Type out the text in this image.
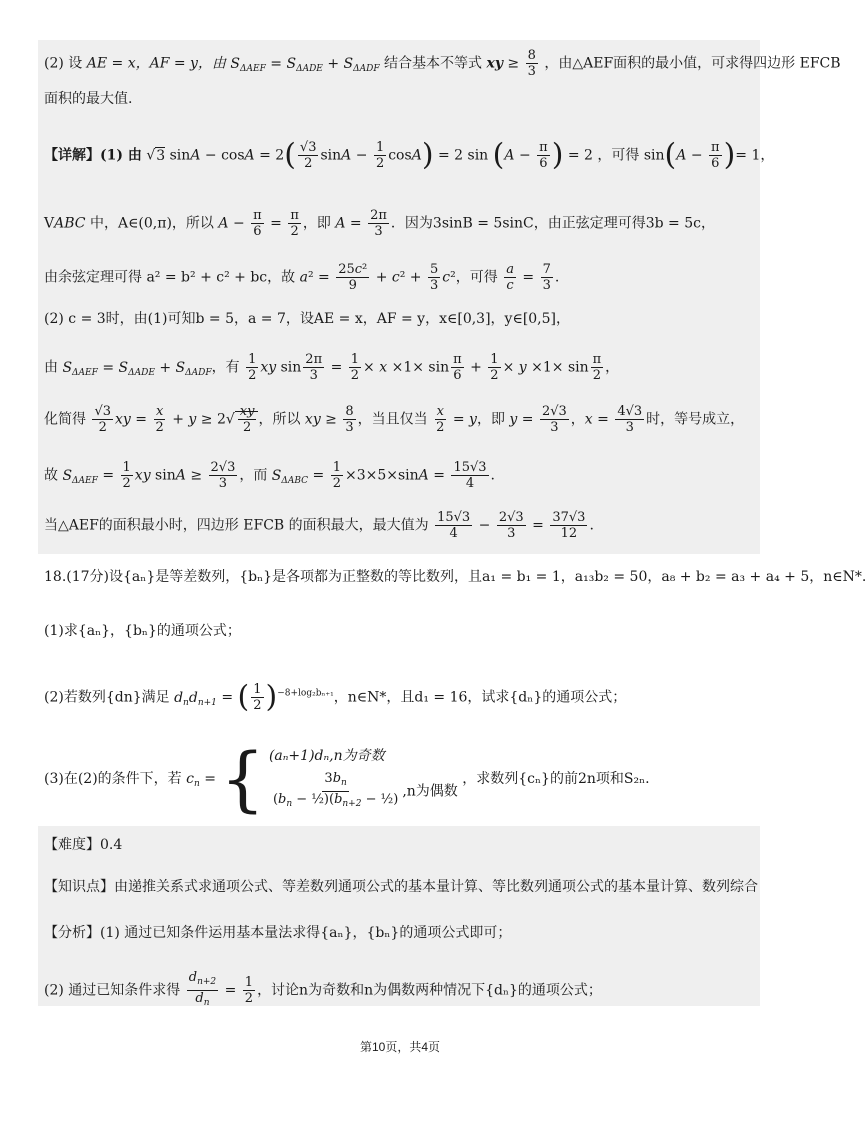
(2) 设 AE = x，AF = y，由 $S_{\Delta AEF} = S_{\Delta ADE} + S_{\Delta ADF}$ 结合基本不等式 xy ≥ $\frac{8}{3}$ ，由△AEF面积的最小值，可求得四边形 EFCB
面积的最大值.
【详解】(1) 由 √3 $\sin A - \cos A = 2( \frac{√3}{2}$ $\sin A - \frac{1}{2} \cos A) = 2$ $\sin (A - \frac{\pi}{6}$ ) = 2 ，可得 $\sin(A - \frac{\pi}{6}$ )= 1，
VABC 中，A∈(0,π)，所以 $A - \frac{\pi}{6} = \frac{\pi}{2}$ ，即 $A = \frac{2\pi}{3}$ ．因为3sinB = 5sinC，由正弦定理可得3b = 5c，
由余弦定理可得 a² = b² + c² + bc，故 $a^2 = \frac{\text{25c²}}{9} + c^2 + \frac{5}{3} c^2$，可得 $\frac{a}{c} = \frac{7}{3}$ .
(2) c = 3时，由(1)可知b = 5，a = 7，设AE = x，AF = y，x∈[0,3]，y∈[0,5]，
由 $S_{\Delta AEF} = S_{\Delta ADE} + S_{\Delta ADF}$，有 $\frac{1}{2}$ xy $\sin \frac{2\pi}{3} = \frac{1}{2} \times x \times 1\times \sin \frac{\pi}{6} + \frac{1}{2} \times y \times 1\times \sin \frac{\pi}{2}$ ，
化简得 $\frac{√3}{2}$ xy = $\frac{x}{2} + y \ge 2√ \frac{xy}{2}$ ，所以 xy ≥ $\frac{8}{3}$ ，当且仅当 $\frac{x}{2} = y$，即 $y = \frac{2√3}{3}$ ，$x = \frac{4√3}{3}$ 时，等号成立，
故 $S_{\Delta AEF} = \frac{1}{2}$ xy $\sin A \ge \frac{2√3}{3}$ ，而 $S_{\Delta ABC} = \frac{1}{2} \times 3\times 5\times\sin A = \frac{15√3}{4}$ .
当△AEF的面积最小时，四边形 EFCB 的面积最大，最大值为 $\frac{15√3}{4} - \frac{2√3}{3} = \frac{37√3}{12}$ .
18.(17分)设{aₙ}是等差数列，{bₙ}是各项都为正整数的等比数列，且a₁ = b₁ = 1，a₁₃b₂ = 50，a₈ + b₂ = a₃ + a₄ + 5，n∈N*.
(1)求{aₙ}，{bₙ}的通项公式；
(2)若数列{dn}满足 $d_nd_{n+1}$ = ( $\frac{1}{2} )^{-8+log_2b_{n+1}}$，n∈N*，且d₁ = 16，试求{dₙ}的通项公式；
(3)在(2)的条件下，若 $c_n$ = { (aₙ+1)dₙ,n为奇数
$\frac{3b_n}{(b_n - \frac{1}{2})(b_{n+2} - \frac{1}{2})} ,n$为偶数
，求数列{cₙ}的前2n项和S₂ₙ.
【难度】0.4
【知识点】由递推关系式求通项公式、等差数列通项公式的基本量计算、等比数列通项公式的基本量计算、数列综合
【分析】(1) 通过已知条件运用基本量法求得{aₙ}，{bₙ}的通项公式即可；
(2) 通过已知条件求得 $\frac{d_{n+2}}{d_n} = \frac{1}{2}$ ，讨论n为奇数和n为偶数两种情况下{dₙ}的通项公式；
第10页，共4页
